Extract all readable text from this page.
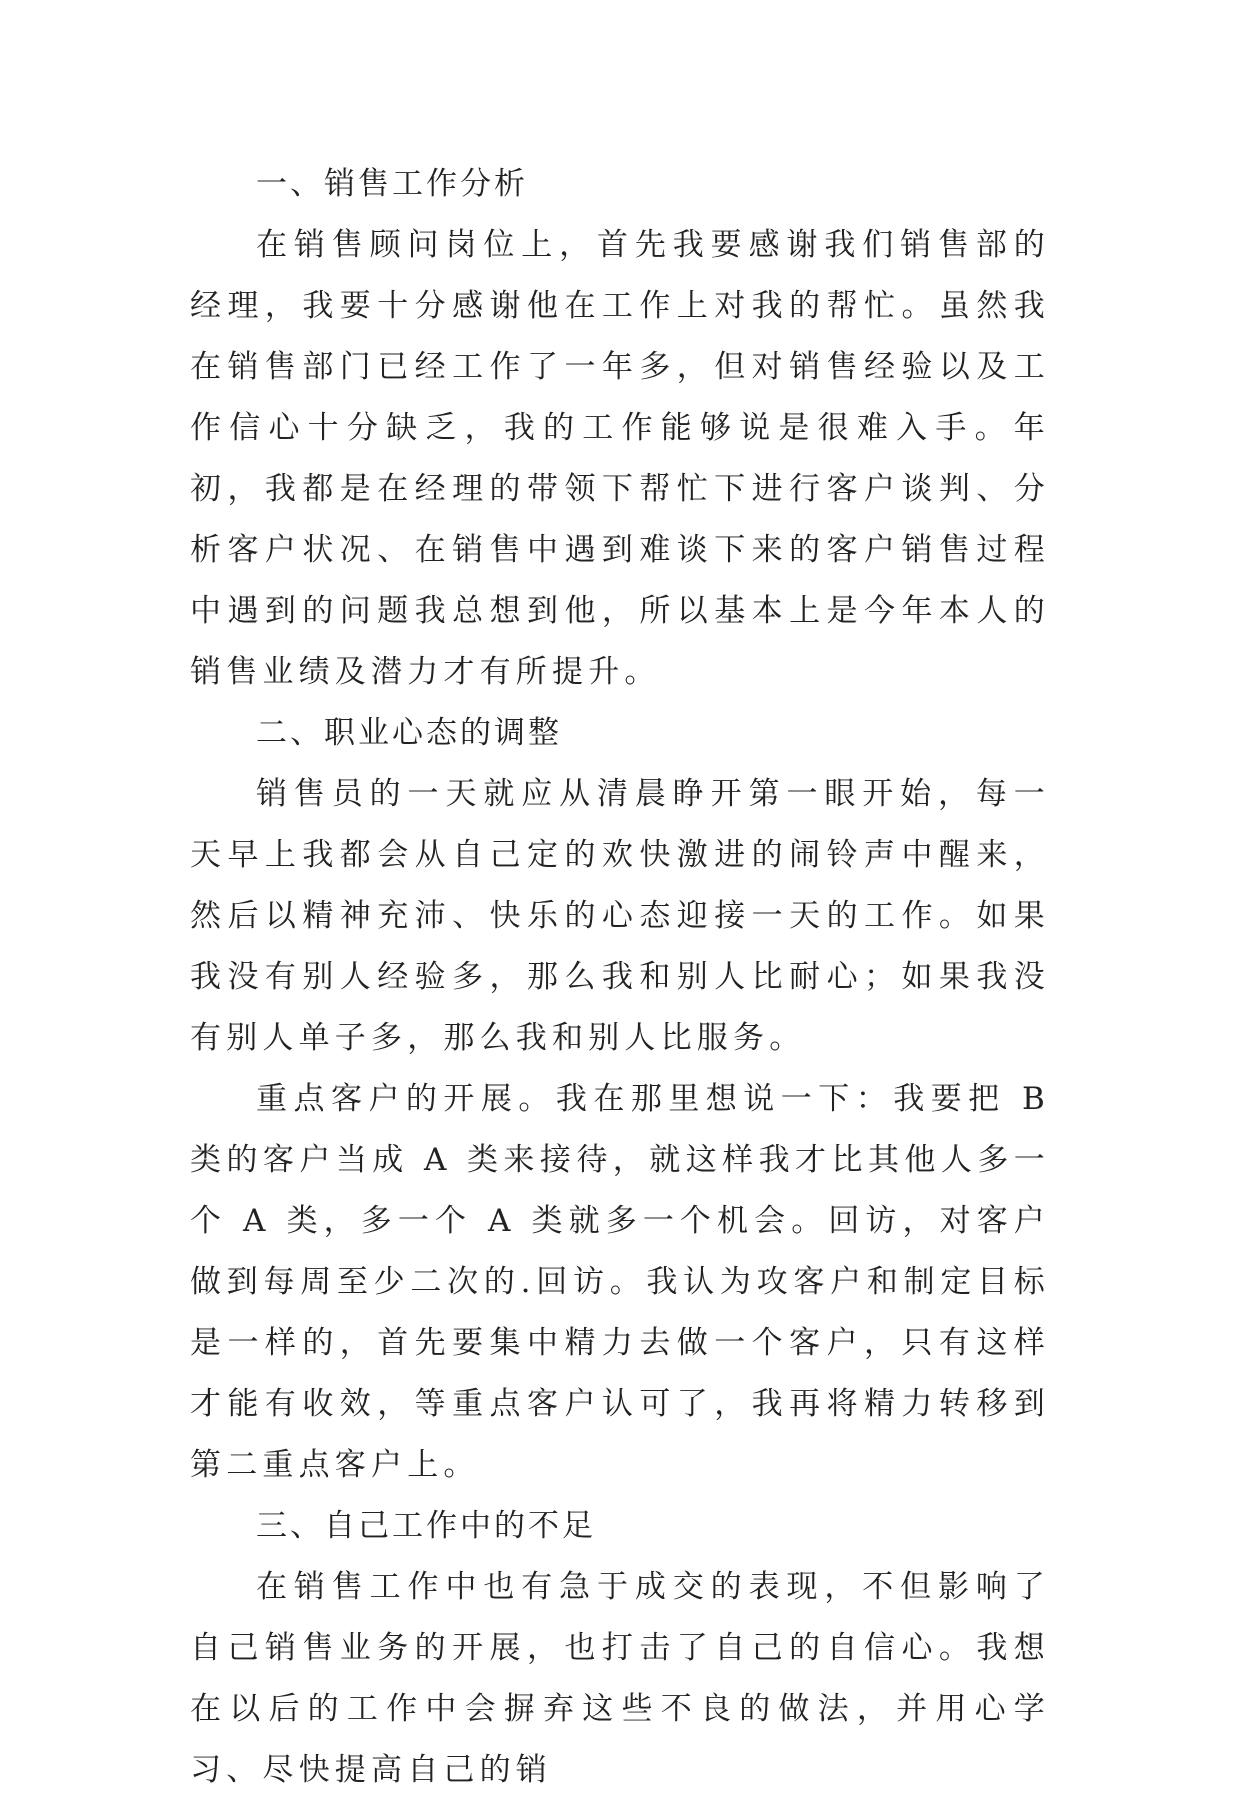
一、销售工作分析

在销售顾问岗位上，首先我要感谢我们销售部的经理，我要十分感谢他在工作上对我的帮忙。虽然我在销售部门已经工作了一年多，但对销售经验以及工作信心十分缺乏，我的工作能够说是很难入手。年初，我都是在经理的带领下帮忙下进行客户谈判、分析客户状况、在销售中遇到难谈下来的客户销售过程中遇到的问题我总想到他，所以基本上是今年本人的销售业绩及潜力才有所提升。

二、职业心态的调整

销售员的一天就应从清晨睁开第一眼开始，每一天早上我都会从自己定的欢快激进的闹铃声中醒来，然后以精神充沛、快乐的心态迎接一天的工作。如果我没有别人经验多，那么我和别人比耐心；如果我没有别人单子多，那么我和别人比服务。

重点客户的开展。我在那里想说一下：我要把 B 类的客户当成 A 类来接待，就这样我才比其他人多一个 A 类，多一个 A 类就多一个机会。回访，对客户做到每周至少二次的.回访。我认为攻客户和制定目标是一样的，首先要集中精力去做一个客户，只有这样才能有收效，等重点客户认可了，我再将精力转移到第二重点客户上。

三、自己工作中的不足

在销售工作中也有急于成交的表现，不但影响了自己销售业务的开展，也打击了自己的自信心。我想在以后的工作中会摒弃这些不良的做法，并用心学习、尽快提高自己的销
